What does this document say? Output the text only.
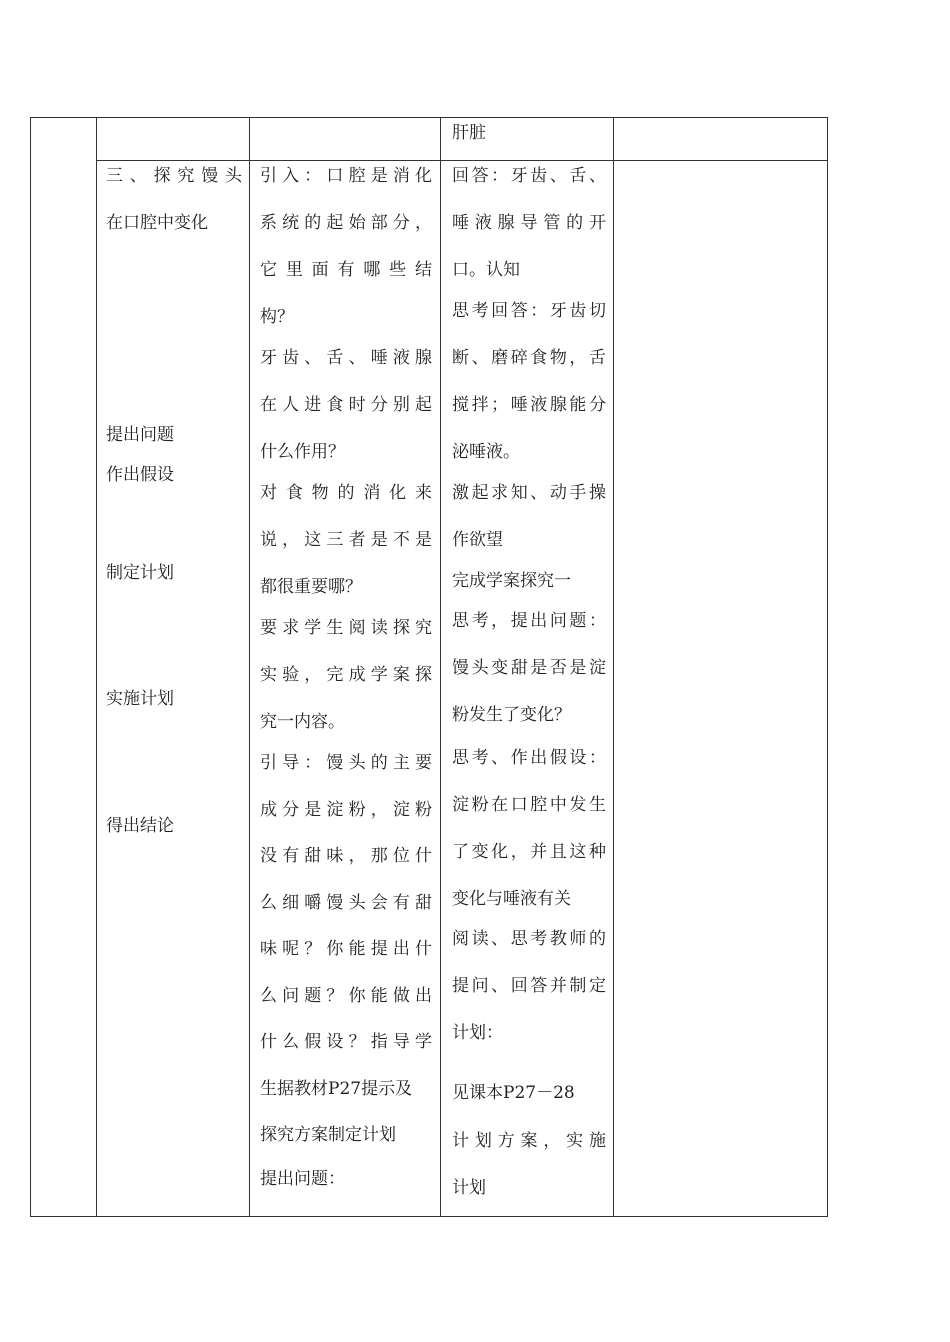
肝脏

三、探究馒头

在口腔中变化

提出问题

作出假设

制定计划

实施计划

得出结论

引入：口腔是消化

系统的起始部分，

它里面有哪些结

构？

牙齿、舌、唾液腺

在人进食时分别起

什么作用？

对食物的消化来

说，这三者是不是

都很重要哪？

要求学生阅读探究

实验，完成学案探

究一内容。

引导：馒头的主要

成分是淀粉，淀粉

没有甜味，那位什

么细嚼馒头会有甜

味呢？你能提出什

么问题？你能做出

什么假设？指导学

生据教材P27提示及

探究方案制定计划

提出问题：

回答：牙齿、舌、

唾液腺导管的开

口。认知

思考回答：牙齿切

断、磨碎食物，舌

搅拌；唾液腺能分

泌唾液。

激起求知、动手操

作欲望

完成学案探究一

思考，提出问题：

馒头变甜是否是淀

粉发生了变化？

思考、作出假设：

淀粉在口腔中发生

了变化，并且这种

变化与唾液有关

阅读、思考教师的

提问、回答并制定

计划：

见课本P27－28

计划方案，实施

计划
